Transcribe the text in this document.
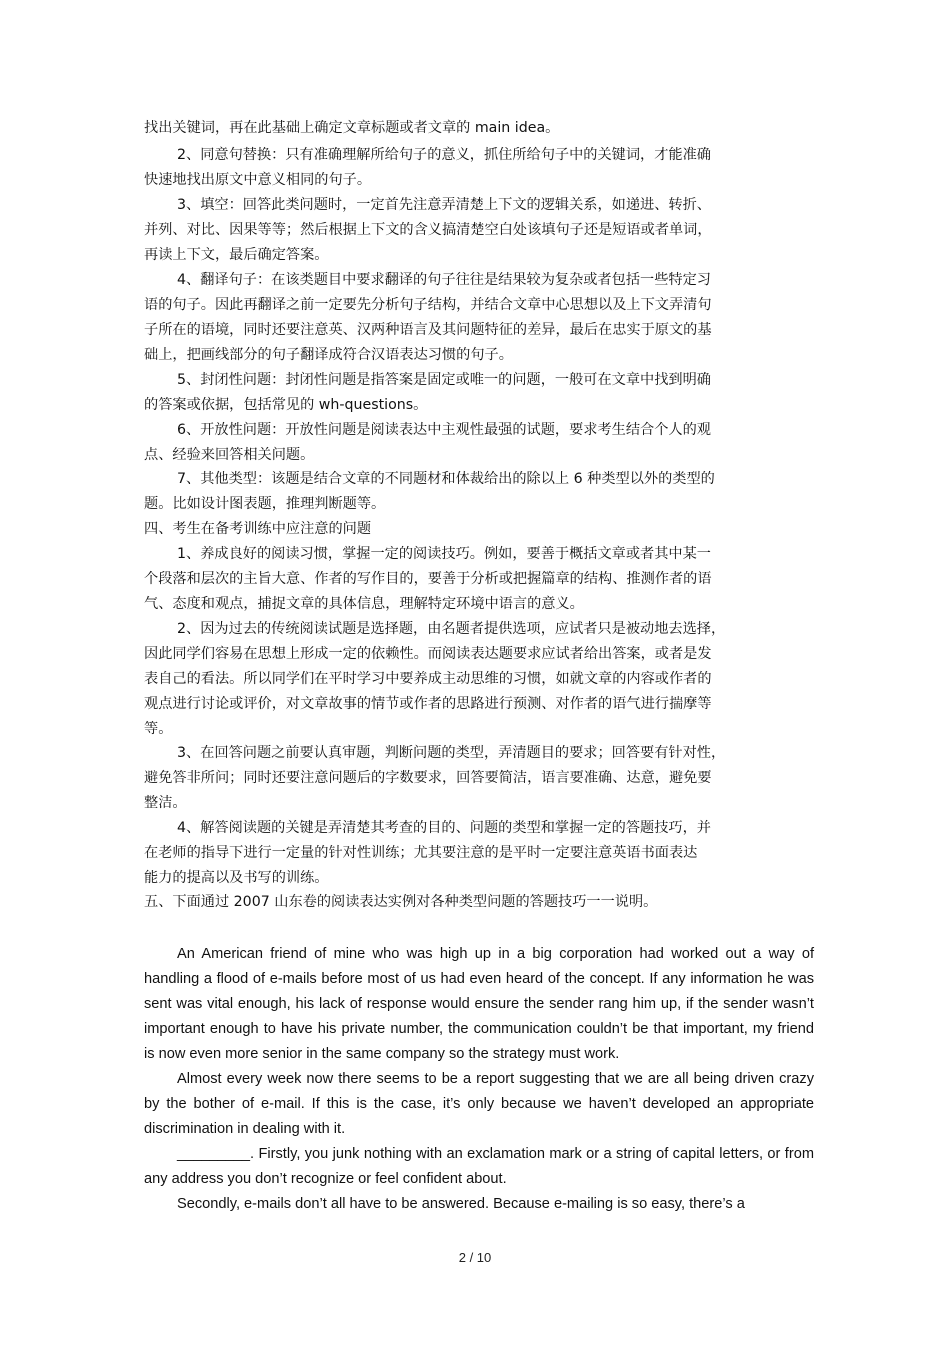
找出关键词，再在此基础上确定文章标题或者文章的 main idea。

2、同意句替换：只有准确理解所给句子的意义，抓住所给句子中的关键词，才能准确
快速地找出原文中意义相同的句子。

3、填空：回答此类问题时，一定首先注意弄清楚上下文的逻辑关系，如递进、转折、
并列、对比、因果等等；然后根据上下文的含义搞清楚空白处该填句子还是短语或者单词，
再读上下文，最后确定答案。

4、翻译句子：在该类题目中要求翻译的句子往往是结果较为复杂或者包括一些特定习
语的句子。因此再翻译之前一定要先分析句子结构，并结合文章中心思想以及上下文弄清句
子所在的语境，同时还要注意英、汉两种语言及其问题特征的差异，最后在忠实于原文的基
础上，把画线部分的句子翻译成符合汉语表达习惯的句子。

5、封闭性问题：封闭性问题是指答案是固定或唯一的问题，一般可在文章中找到明确
的答案或依据，包括常见的 wh-questions。

6、开放性问题：开放性问题是阅读表达中主观性最强的试题，要求考生结合个人的观
点、经验来回答相关问题。

7、其他类型：该题是结合文章的不同题材和体裁给出的除以上 6 种类型以外的类型的
题。比如设计图表题，推理判断题等。

四、考生在备考训练中应注意的问题

1、养成良好的阅读习惯，掌握一定的阅读技巧。例如，要善于概括文章或者其中某一
个段落和层次的主旨大意、作者的写作目的，要善于分析或把握篇章的结构、推测作者的语
气、态度和观点，捕捉文章的具体信息，理解特定环境中语言的意义。

2、因为过去的传统阅读试题是选择题，由名题者提供选项，应试者只是被动地去选择，
因此同学们容易在思想上形成一定的依赖性。而阅读表达题要求应试者给出答案，或者是发
表自己的看法。所以同学们在平时学习中要养成主动思维的习惯，如就文章的内容或作者的
观点进行讨论或评价，对文章故事的情节或作者的思路进行预测、对作者的语气进行揣摩等
等。

3、在回答问题之前要认真审题，判断问题的类型，弄清题目的要求；回答要有针对性，
避免答非所问；同时还要注意问题后的字数要求，回答要简洁，语言要准确、达意，避免要
整洁。

4、解答阅读题的关键是弄清楚其考查的目的、问题的类型和掌握一定的答题技巧，并
在老师的指导下进行一定量的针对性训练；尤其要注意的是平时一定要注意英语书面表达
能力的提高以及书写的训练。

五、下面通过 2007 山东卷的阅读表达实例对各种类型问题的答题技巧一一说明。

An American friend of mine who was high up in a big corporation had worked out a way of handling a flood of e-mails before most of us had even heard of the concept. If any information he was sent was vital enough, his lack of response would ensure the sender rang him up, if the sender wasn’t important enough to have his private number, the communication couldn’t be that important, my friend is now even more senior in the same company so the strategy must work.

Almost every week now there seems to be a report suggesting that we are all being driven crazy by the bother of e-mail. If this is the case, it’s only because we haven’t developed an appropriate discrimination in dealing with it.

_________. Firstly, you junk nothing with an exclamation mark or a string of capital letters, or from any address you don’t recognize or feel confident about.

Secondly, e-mails don’t all have to be answered. Because e-mailing is so easy, there’s a

2 / 10
